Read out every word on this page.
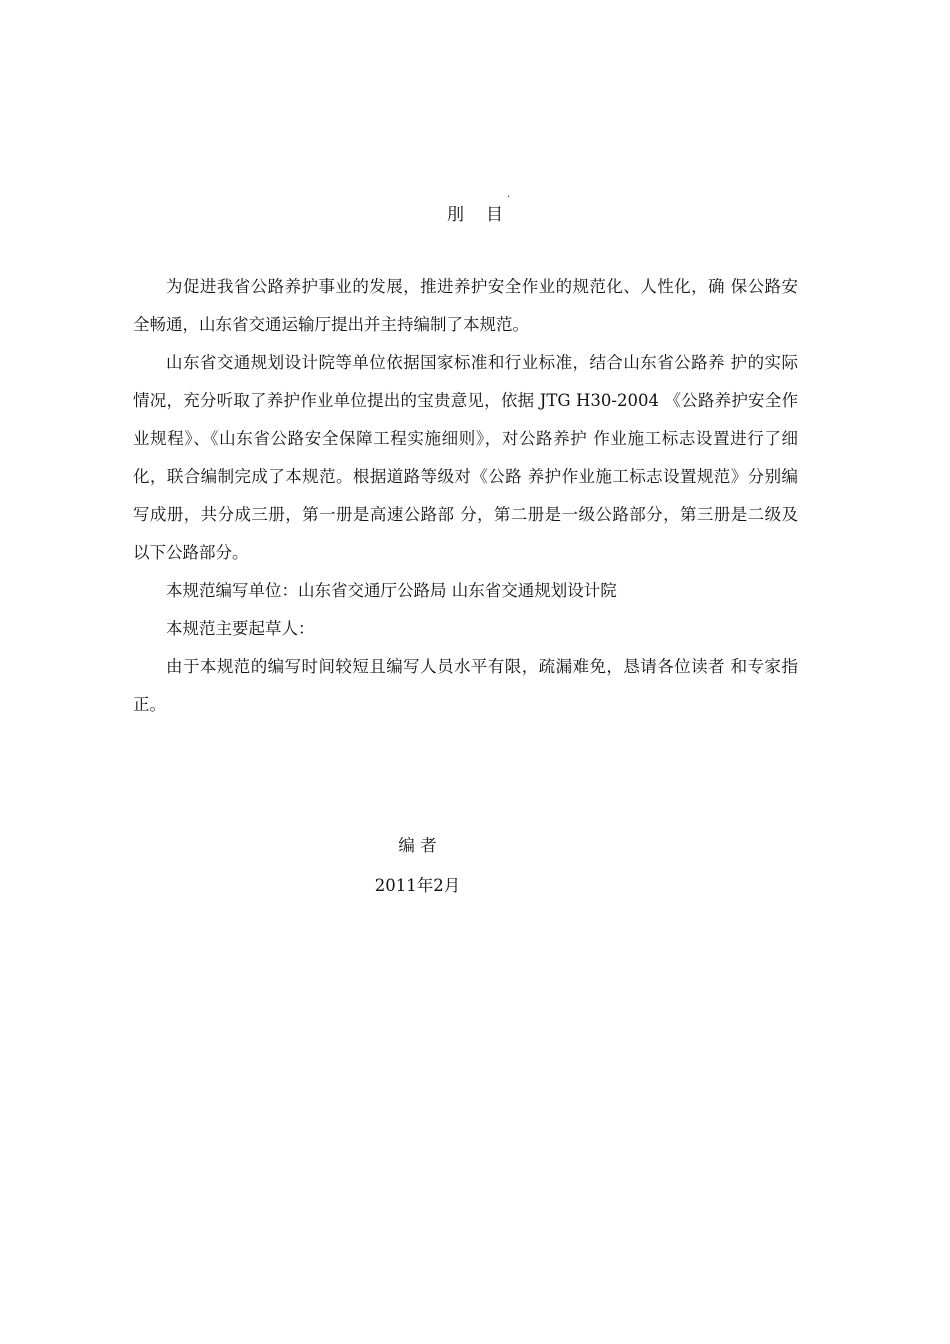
.
刖 目

为促进我省公路养护事业的发展，推进养护安全作业的规范化、人性化，确 保公路安全畅通，山东省交通运输厅提出并主持编制了本规范。

山东省交通规划设计院等单位依据国家标准和行业标准，结合山东省公路养 护的实际情况，充分听取了养护作业单位提出的宝贵意见，依据 JTG H30-2004 《公路养护安全作业规程》、《山东省公路安全保障工程实施细则》，对公路养护 作业施工标志设置进行了细化，联合编制完成了本规范。根据道路等级对《公路 养护作业施工标志设置规范》分别编写成册，共分成三册，第一册是高速公路部 分，第二册是一级公路部分，第三册是二级及以下公路部分。

本规范编写单位：山东省交通厅公路局 山东省交通规划设计院

本规范主要起草人：

由于本规范的编写时间较短且编写人员水平有限，疏漏难免，恳请各位读者 和专家指正。

编 者
2011年2月
